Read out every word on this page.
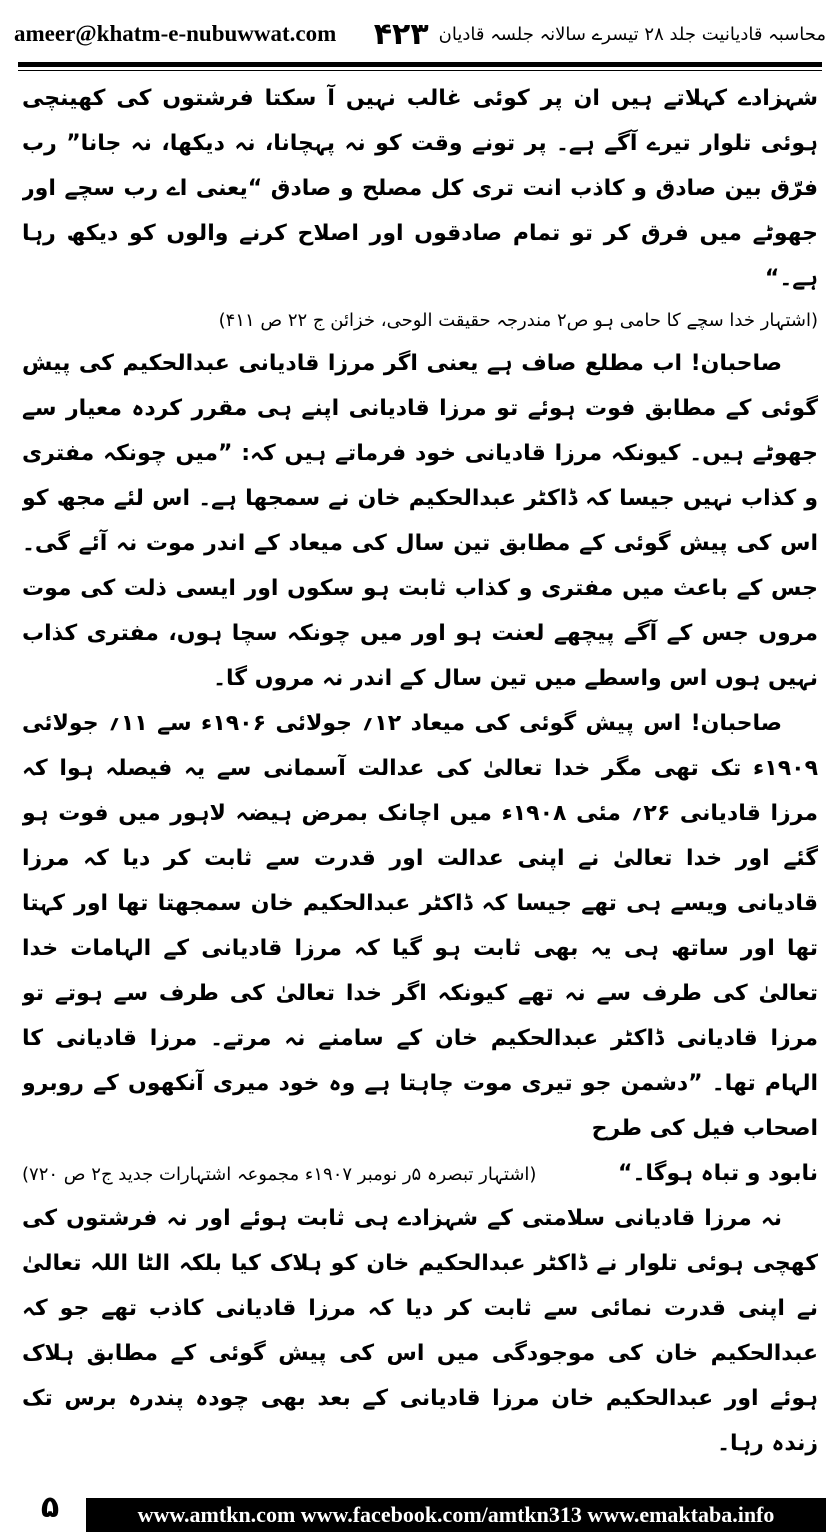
ameer@khatm-e-nubuwwat.com	محاسبہ قادیانیت جلد ۲۸ تیسرے سالانہ جلسہ قادیان
۴۲۳

شہزادے کہلاتے ہیں ان پر کوئی غالب نہیں آ سکتا فرشتوں کی کھینچی ہوئی تلوار تیرے آگے ہے۔ پر تونے وقت کو نہ پہچانا، نہ دیکھا، نہ جانا” رب فرّق بین صادق و کاذب انت تری کل مصلح و صادق “یعنی اے رب سچے اور جھوٹے میں فرق کر تو تمام صادقوں اور اصلاح کرنے والوں کو دیکھ رہا ہے۔“

(اشتہار خدا سچے کا حامی ہو ص۲ مندرجہ حقیقت الوحی، خزائن ج ۲۲ ص ۴۱۱)

صاحبان! اب مطلع صاف ہے یعنی اگر مرزا قادیانی عبدالحکیم کی پیش گوئی کے مطابق فوت ہوئے تو مرزا قادیانی اپنے ہی مقرر کردہ معیار سے جھوٹے ہیں۔ کیونکہ مرزا قادیانی خود فرماتے ہیں کہ: ”میں چونکہ مفتری و کذاب نہیں جیسا کہ ڈاکٹر عبدالحکیم خان نے سمجھا ہے۔ اس لئے مجھ کو اس کی پیش گوئی کے مطابق تین سال کی میعاد کے اندر موت نہ آئے گی۔ جس کے باعث میں مفتری و کذاب ثابت ہو سکوں اور ایسی ذلت کی موت مروں جس کے آگے پیچھے لعنت ہو اور میں چونکہ سچا ہوں، مفتری کذاب نہیں ہوں اس واسطے میں تین سال کے اندر نہ مروں گا۔

صاحبان! اس پیش گوئی کی میعاد ۱۲؍ جولائی ۱۹۰۶ء سے ۱۱؍ جولائی ۱۹۰۹ء تک تھی مگر خدا تعالیٰ کی عدالت آسمانی سے یہ فیصلہ ہوا کہ مرزا قادیانی ۲۶؍ مئی ۱۹۰۸ء میں اچانک بمرض ہیضہ لاہور میں فوت ہو گئے اور خدا تعالیٰ نے اپنی عدالت اور قدرت سے ثابت کر دیا کہ مرزا قادیانی ویسے ہی تھے جیسا کہ ڈاکٹر عبدالحکیم خان سمجھتا تھا اور کہتا تھا اور ساتھ ہی یہ بھی ثابت ہو گیا کہ مرزا قادیانی کے الہامات خدا تعالیٰ کی طرف سے نہ تھے کیونکہ اگر خدا تعالیٰ کی طرف سے ہوتے تو مرزا قادیانی ڈاکٹر عبدالحکیم خان کے سامنے نہ مرتے۔ مرزا قادیانی کا الہام تھا۔ ”دشمن جو تیری موت چاہتا ہے وہ خود میری آنکھوں کے روبرو اصحاب فیل کی طرح

نابود و تباہ ہوگا۔“
(اشتہار تبصرہ ۵ر نومبر ۱۹۰۷ء مجموعہ اشتہارات جدید ج۲ ص ۷۲۰)

نہ مرزا قادیانی سلامتی کے شہزادے ہی ثابت ہوئے اور نہ فرشتوں کی کھچی ہوئی تلوار نے ڈاکٹر عبدالحکیم خان کو ہلاک کیا بلکہ الٹا اللہ تعالیٰ نے اپنی قدرت نمائی سے ثابت کر دیا کہ مرزا قادیانی کاذب تھے جو کہ عبدالحکیم خان کی موجودگی میں اس کی پیش گوئی کے مطابق ہلاک ہوئے اور عبدالحکیم خان مرزا قادیانی کے بعد بھی چودہ پندرہ برس تک زندہ رہا۔

۵	www.amtkn.com www.facebook.com/amtkn313 www.emaktaba.info
